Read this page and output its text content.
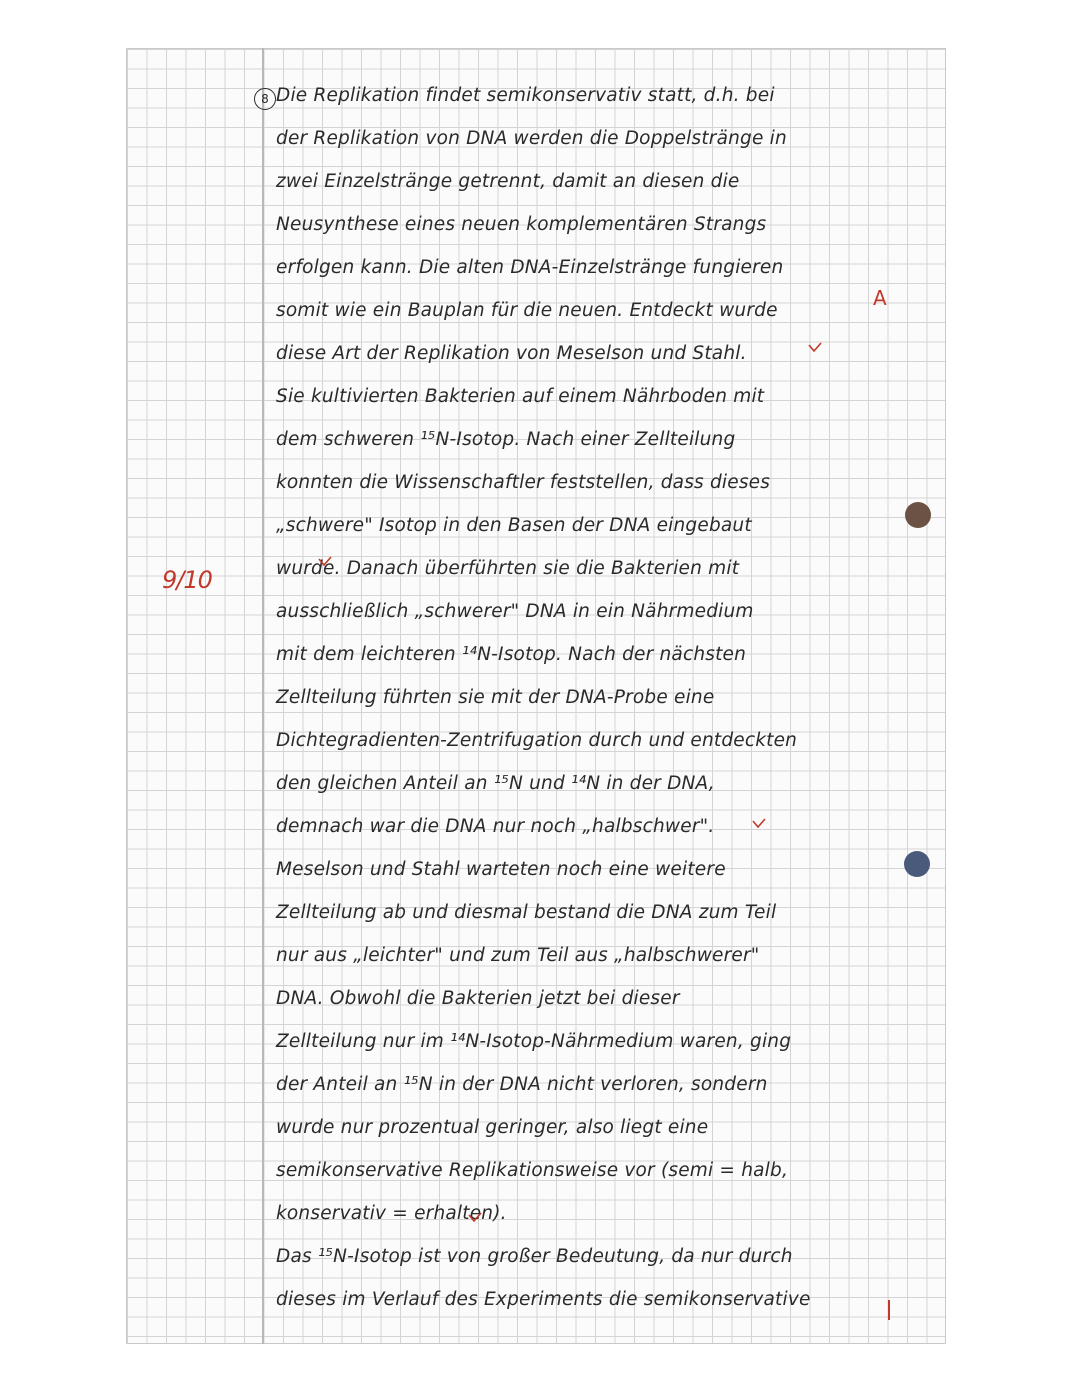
8
9/10
A
Die Replikation findet semikonservativ statt, d.h. bei
der Replikation von DNA werden die Doppelstränge in
zwei Einzelstränge getrennt, damit an diesen die
Neusynthese eines neuen komplementären Strangs
erfolgen kann. Die alten DNA-Einzelstränge fungieren
somit wie ein Bauplan für die neuen. Entdeckt wurde
diese Art der Replikation von Meselson und Stahl.
Sie kultivierten Bakterien auf einem Nährboden mit
dem schweren ¹⁵N-Isotop. Nach einer Zellteilung
konnten die Wissenschaftler feststellen, dass dieses
„schwere" Isotop in den Basen der DNA eingebaut
wurde. Danach überführten sie die Bakterien mit
ausschließlich „schwerer" DNA in ein Nährmedium
mit dem leichteren ¹⁴N-Isotop. Nach der nächsten
Zellteilung führten sie mit der DNA-Probe eine
Dichtegradienten-Zentrifugation durch und entdeckten
den gleichen Anteil an ¹⁵N und ¹⁴N in der DNA,
demnach war die DNA nur noch „halbschwer".
Meselson und Stahl warteten noch eine weitere
Zellteilung ab und diesmal bestand die DNA zum Teil
nur aus „leichter" und zum Teil aus „halbschwerer"
DNA. Obwohl die Bakterien jetzt bei dieser
Zellteilung nur im ¹⁴N-Isotop-Nährmedium waren, ging
der Anteil an ¹⁵N in der DNA nicht verloren, sondern
wurde nur prozentual geringer, also liegt eine
semikonservative Replikationsweise vor (semi = halb,
konservativ = erhalten).
Das ¹⁵N-Isotop ist von großer Bedeutung, da nur durch
dieses im Verlauf des Experiments die semikonservative
